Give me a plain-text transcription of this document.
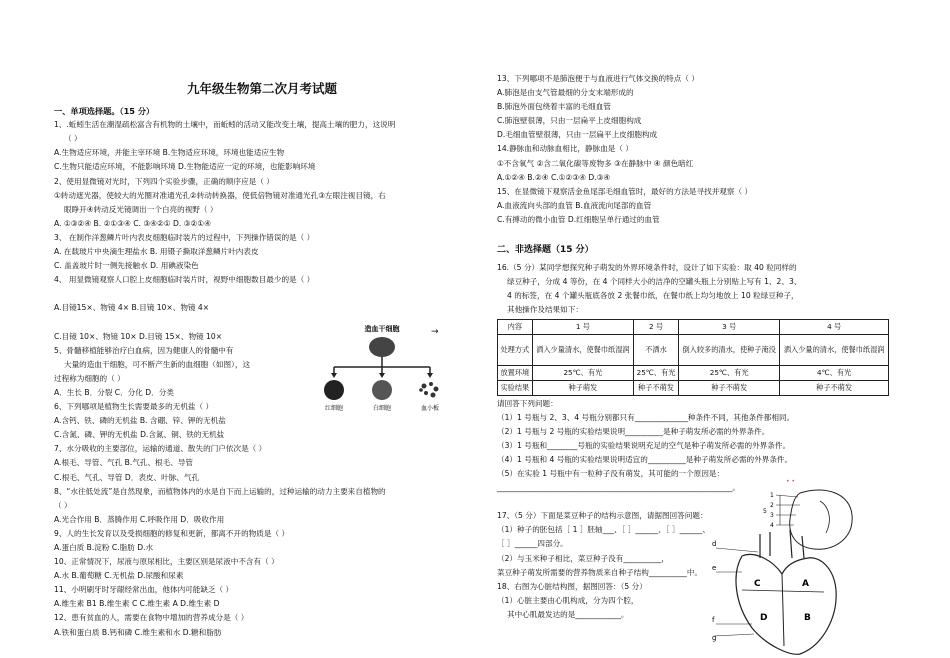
九年级生物第二次月考试题
一、单项选择题。（15 分）
1、.蚯蚓生活在潮湿疏松富含有机物的土壤中，而蚯蚓的活动又能改变土壤，提高土壤的肥力，这说明
（ ）
A.生物适应环境，并能主宰环境 B.生物适应环境，环境也能适应生物
C.生物只能适应环境，不能影响环境 D.生物能适应一定的环境，也能影响环境
2、使用显微镜对光时，下列四个实验步骤，正确的顺序应是（ ）
①转动遮光器，使较大的光圈对准通光孔②转动转换器，使低倍物镜对准通光孔③左眼注视目镜，右
眼睁开④转动反光镜调出一个白亮的视野（ ）
A. ①③②④ B. ②①③④ C. ③④②① D. ③②①④
3、 在制作洋葱鳞片叶内表皮细胞临时装片的过程中，下列操作错误的是（ ）
A. 在载玻片中央滴生理盐水 B. 用镊子撕取洋葱鳞片叶内表皮
C. 盖盖玻片时一侧先接触水 D. 用碘液染色
4、 用显微镜观察人口腔上皮细胞临时装片时，视野中细胞数目最少的是（ ）

A.目镜15×、物镜 4× B.目镜 10×、物镜 4×

C.目镜 10×、物镜 10× D.目镜 15×、物镜 10×
5、骨髓移植能够治疗白血病，因为健康人的骨髓中有
大量的造血干细胞，可不断产生新的血细胞（如图），这
过程称为细胞的（ ）
A．生长 B．分裂 C．分化 D．分类
6、下列哪项是植物生长需要最多的无机盐（ ）
A.含钙、铁、磷的无机盐 B. 含硼、锌、钾的无机盐
C.含氮、磷、钾的无机盐 D.含氮、铜、铁的无机盐
7、水分吸收的主要部位，运输的通道、散失的门户依次是（ ）
A.根毛、导管、气孔 B.气孔、根毛、导管
C.根毛、气孔、导管 D．表皮、叶脉、气孔
8、“水往低处流”是自然现象，而植物体内的水是自下而上运输的，过种运输的动力主要来自植物的
（ ）
A.光合作用 B．蒸腾作用 C.呼吸作用 D．吸收作用
9、人的生长发育以及受损细胞的修复和更新，都离不开的物质是（ ）
A.蛋白质 B.淀粉 C.脂肪 D.水
10、正常情况下，尿液与原尿相比，主要区别是尿液中不含有（ ）
A.水 B.葡萄糖 C.无机盐 D.尿酸和尿素
11、小明刷牙时牙龈经常出血，他体内可能缺乏（ ）
A.维生素 B1 B.维生素 C C.维生素 A D.维生素 D
12、患有贫血的人，需要在食物中增加的营养成分是（ ）
A.铁和蛋白质 B.钙和磷 C.维生素和水 D.糖和脂肪
造血干细胞
红细胞	白细胞	血小板
→
13、下列哪项不是肺泡便于与血液进行气体交换的特点（ ）
A.肺泡是由支气管最细的分支末端形成的
B.肺泡外面包绕着丰富的毛细血管
C.肺泡壁很薄，只由一层扁平上皮细胞构成
D.毛细血管壁很薄，只由一层扁平上皮细胞构成
14.静脉血和动脉血相比，静脉血是（ ）
①不含氧气 ②含二氧化碳等废物多 ③在静脉中 ④ 颜色暗红
A.①②④ B.②④ C.①②③④ D.③④
15、在显微镜下观察活金鱼尾部毛细血管时，最好的方法是寻找并观察（ ）
A.血液流向头部的血管 B.血液流向尾部的血管
C.有搏动的微小血管 D.红细胞呈单行通过的血管
二、非选择题（15 分）
16.（5 分）某同学想探究种子萌发的外界环境条件时，设计了如下实验：取 40 粒同样的
绿豆种子，分成 4 等份，在 4 个同样大小的洁净的空罐头瓶上分别贴上写有 1、2、3、
4 的标签，在 4 个罐头瓶底各放 2 张餐巾纸，在餐巾纸上均匀地放上 10 粒绿豆种子，
其他操作及结果如下：
内容	1 号	2 号	3 号	4 号
处理方式	洒入少量清水，使餐巾纸湿润	不洒水	倒入较多的清水，使种子淹没	洒入少量的清水，使餐巾纸湿润
放置环境	25℃、有光	25℃、有光	25℃、有光	4℃、有光
实验结果	种子萌发	种子不萌发	种子不萌发	种子不萌发
请回答下列问题：
（1）1 号瓶与 2、3、4 号瓶分别都只有______________种条件不同，其他条件都相同。
（2）1 号瓶与 2 号瓶的实验结果说明__________是种子萌发所必需的外界条件。
（3）1 号瓶和________号瓶的实验结果说明充足的空气是种子萌发所必需的外界条件。
（4）1 号瓶和 4 号瓶的实验结果说明适宜的__________是种子萌发所必需的外界条件。
（5）在实验 1 号瓶中有一粒种子没有萌发，其可能的一个原因是：
______________________________________________________________。

17、（5 分）下面是菜豆种子的结构示意图，请据图回答问题：
（1）种子的胚包括［ 1 ］胚轴___、［ ］______、［ ］______、
［ ］______四部分。
（2）与玉米种子相比，菜豆种子没有__________，
菜豆种子萌发所需要的营养物质来自种子结构__________中。
18、右图为心脏结构图，据图回答：（5 分）
（1）心脏主要由心肌构成，分为四个腔，
其中心肌最发达的是____________。
• •
1
2
3
4
5
d
e
f
g
C	A
D	B
